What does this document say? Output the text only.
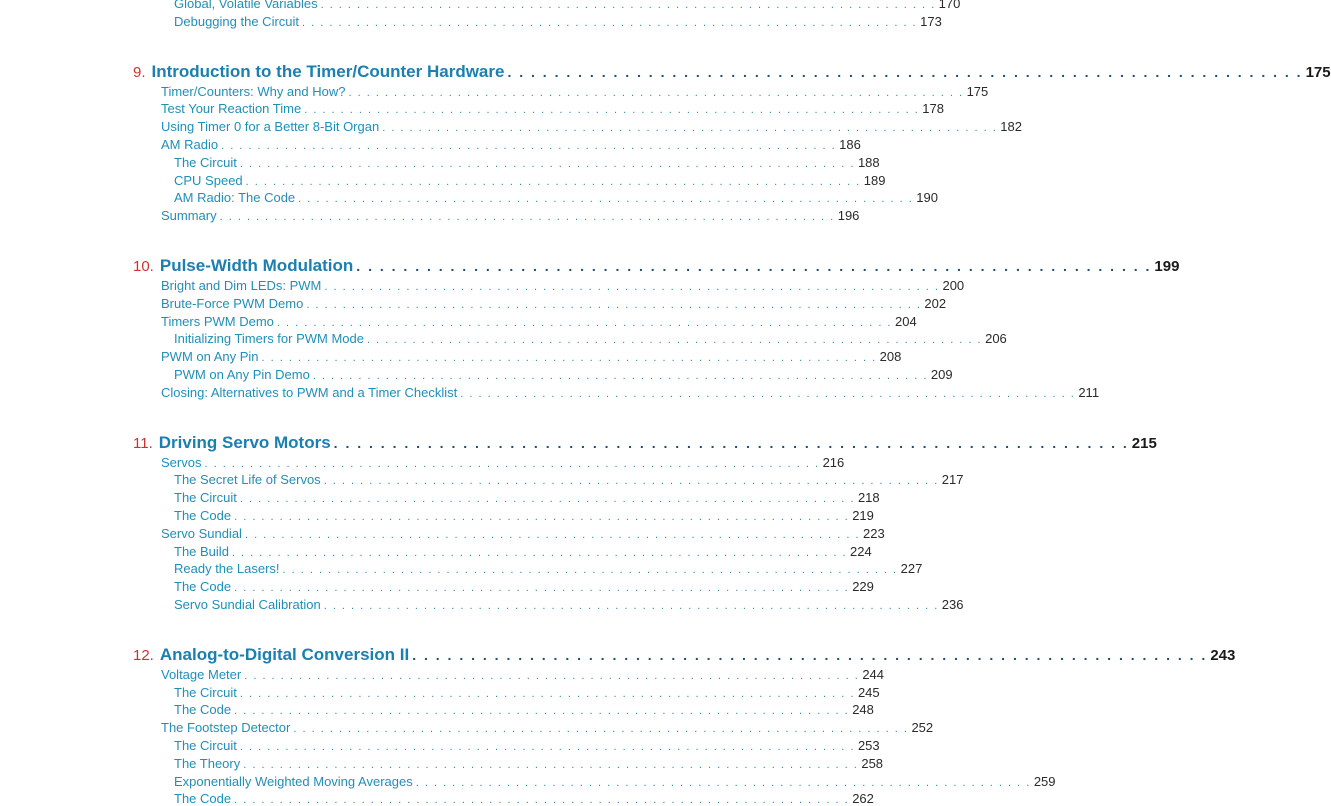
Global, Volatile Variables . . . . . . . . . . . . . . . . . . . . . . . . . . . . . . . . . . . . . . . . . . . . . . . . . . . . . . . . . . . . . . . . . . . . 170
Debugging the Circuit . . . . . . . . . . . . . . . . . . . . . . . . . . . . . . . . . . . . . . . . . . . . . . . . . . . . . . . . . . . . . . . . . . . . 173
9. Introduction to the Timer/Counter Hardware . . . . . . . . . . . . . . . . . . . . . . . . . . . . . . . . . . . . . . . . . . . . . . . . . . . . . . . . . . . . . . . . . . . . 175
Timer/Counters: Why and How? . . . . . . . . . . . . . . . . . . . . . . . . . . . . . . . . . . . . . . . . . . . . . . . . . . . . . . . . . . . . . . . . . . . . 175
Test Your Reaction Time . . . . . . . . . . . . . . . . . . . . . . . . . . . . . . . . . . . . . . . . . . . . . . . . . . . . . . . . . . . . . . . . . . . . 178
Using Timer 0 for a Better 8-Bit Organ . . . . . . . . . . . . . . . . . . . . . . . . . . . . . . . . . . . . . . . . . . . . . . . . . . . . . . . . . . . . . . . . . . . . 182
AM Radio . . . . . . . . . . . . . . . . . . . . . . . . . . . . . . . . . . . . . . . . . . . . . . . . . . . . . . . . . . . . . . . . . . . . 186
The Circuit . . . . . . . . . . . . . . . . . . . . . . . . . . . . . . . . . . . . . . . . . . . . . . . . . . . . . . . . . . . . . . . . . . . . 188
CPU Speed . . . . . . . . . . . . . . . . . . . . . . . . . . . . . . . . . . . . . . . . . . . . . . . . . . . . . . . . . . . . . . . . . . . . 189
AM Radio: The Code . . . . . . . . . . . . . . . . . . . . . . . . . . . . . . . . . . . . . . . . . . . . . . . . . . . . . . . . . . . . . . . . . . . . 190
Summary . . . . . . . . . . . . . . . . . . . . . . . . . . . . . . . . . . . . . . . . . . . . . . . . . . . . . . . . . . . . . . . . . . . . 196
10. Pulse-Width Modulation . . . . . . . . . . . . . . . . . . . . . . . . . . . . . . . . . . . . . . . . . . . . . . . . . . . . . . . . . . . . . . . . . . . . 199
Bright and Dim LEDs: PWM . . . . . . . . . . . . . . . . . . . . . . . . . . . . . . . . . . . . . . . . . . . . . . . . . . . . . . . . . . . . . . . . . . . . 200
Brute-Force PWM Demo . . . . . . . . . . . . . . . . . . . . . . . . . . . . . . . . . . . . . . . . . . . . . . . . . . . . . . . . . . . . . . . . . . . . 202
Timers PWM Demo . . . . . . . . . . . . . . . . . . . . . . . . . . . . . . . . . . . . . . . . . . . . . . . . . . . . . . . . . . . . . . . . . . . . 204
Initializing Timers for PWM Mode . . . . . . . . . . . . . . . . . . . . . . . . . . . . . . . . . . . . . . . . . . . . . . . . . . . . . . . . . . . . . . . . . . . . 206
PWM on Any Pin . . . . . . . . . . . . . . . . . . . . . . . . . . . . . . . . . . . . . . . . . . . . . . . . . . . . . . . . . . . . . . . . . . . . 208
PWM on Any Pin Demo . . . . . . . . . . . . . . . . . . . . . . . . . . . . . . . . . . . . . . . . . . . . . . . . . . . . . . . . . . . . . . . . . . . . 209
Closing: Alternatives to PWM and a Timer Checklist . . . . . . . . . . . . . . . . . . . . . . . . . . . . . . . . . . . . . . . . . . . . . . . . . . . . . . . . . . . . . . . . . . . . 211
11. Driving Servo Motors . . . . . . . . . . . . . . . . . . . . . . . . . . . . . . . . . . . . . . . . . . . . . . . . . . . . . . . . . . . . . . . . . . . . 215
Servos . . . . . . . . . . . . . . . . . . . . . . . . . . . . . . . . . . . . . . . . . . . . . . . . . . . . . . . . . . . . . . . . . . . . 216
The Secret Life of Servos . . . . . . . . . . . . . . . . . . . . . . . . . . . . . . . . . . . . . . . . . . . . . . . . . . . . . . . . . . . . . . . . . . . . 217
The Circuit . . . . . . . . . . . . . . . . . . . . . . . . . . . . . . . . . . . . . . . . . . . . . . . . . . . . . . . . . . . . . . . . . . . . 218
The Code . . . . . . . . . . . . . . . . . . . . . . . . . . . . . . . . . . . . . . . . . . . . . . . . . . . . . . . . . . . . . . . . . . . . 219
Servo Sundial . . . . . . . . . . . . . . . . . . . . . . . . . . . . . . . . . . . . . . . . . . . . . . . . . . . . . . . . . . . . . . . . . . . . 223
The Build . . . . . . . . . . . . . . . . . . . . . . . . . . . . . . . . . . . . . . . . . . . . . . . . . . . . . . . . . . . . . . . . . . . . 224
Ready the Lasers! . . . . . . . . . . . . . . . . . . . . . . . . . . . . . . . . . . . . . . . . . . . . . . . . . . . . . . . . . . . . . . . . . . . . 227
The Code . . . . . . . . . . . . . . . . . . . . . . . . . . . . . . . . . . . . . . . . . . . . . . . . . . . . . . . . . . . . . . . . . . . . 229
Servo Sundial Calibration . . . . . . . . . . . . . . . . . . . . . . . . . . . . . . . . . . . . . . . . . . . . . . . . . . . . . . . . . . . . . . . . . . . . 236
12. Analog-to-Digital Conversion II . . . . . . . . . . . . . . . . . . . . . . . . . . . . . . . . . . . . . . . . . . . . . . . . . . . . . . . . . . . . . . . . . . . . 243
Voltage Meter . . . . . . . . . . . . . . . . . . . . . . . . . . . . . . . . . . . . . . . . . . . . . . . . . . . . . . . . . . . . . . . . . . . . 244
The Circuit . . . . . . . . . . . . . . . . . . . . . . . . . . . . . . . . . . . . . . . . . . . . . . . . . . . . . . . . . . . . . . . . . . . . 245
The Code . . . . . . . . . . . . . . . . . . . . . . . . . . . . . . . . . . . . . . . . . . . . . . . . . . . . . . . . . . . . . . . . . . . . 248
The Footstep Detector . . . . . . . . . . . . . . . . . . . . . . . . . . . . . . . . . . . . . . . . . . . . . . . . . . . . . . . . . . . . . . . . . . . . 252
The Circuit . . . . . . . . . . . . . . . . . . . . . . . . . . . . . . . . . . . . . . . . . . . . . . . . . . . . . . . . . . . . . . . . . . . . 253
The Theory . . . . . . . . . . . . . . . . . . . . . . . . . . . . . . . . . . . . . . . . . . . . . . . . . . . . . . . . . . . . . . . . . . . . 258
Exponentially Weighted Moving Averages . . . . . . . . . . . . . . . . . . . . . . . . . . . . . . . . . . . . . . . . . . . . . . . . . . . . . . . . . . . . . . . . . . . . 259
The Code . . . . . . . . . . . . . . . . . . . . . . . . . . . . . . . . . . . . . . . . . . . . . . . . . . . . . . . . . . . . . . . . . . . . 262
